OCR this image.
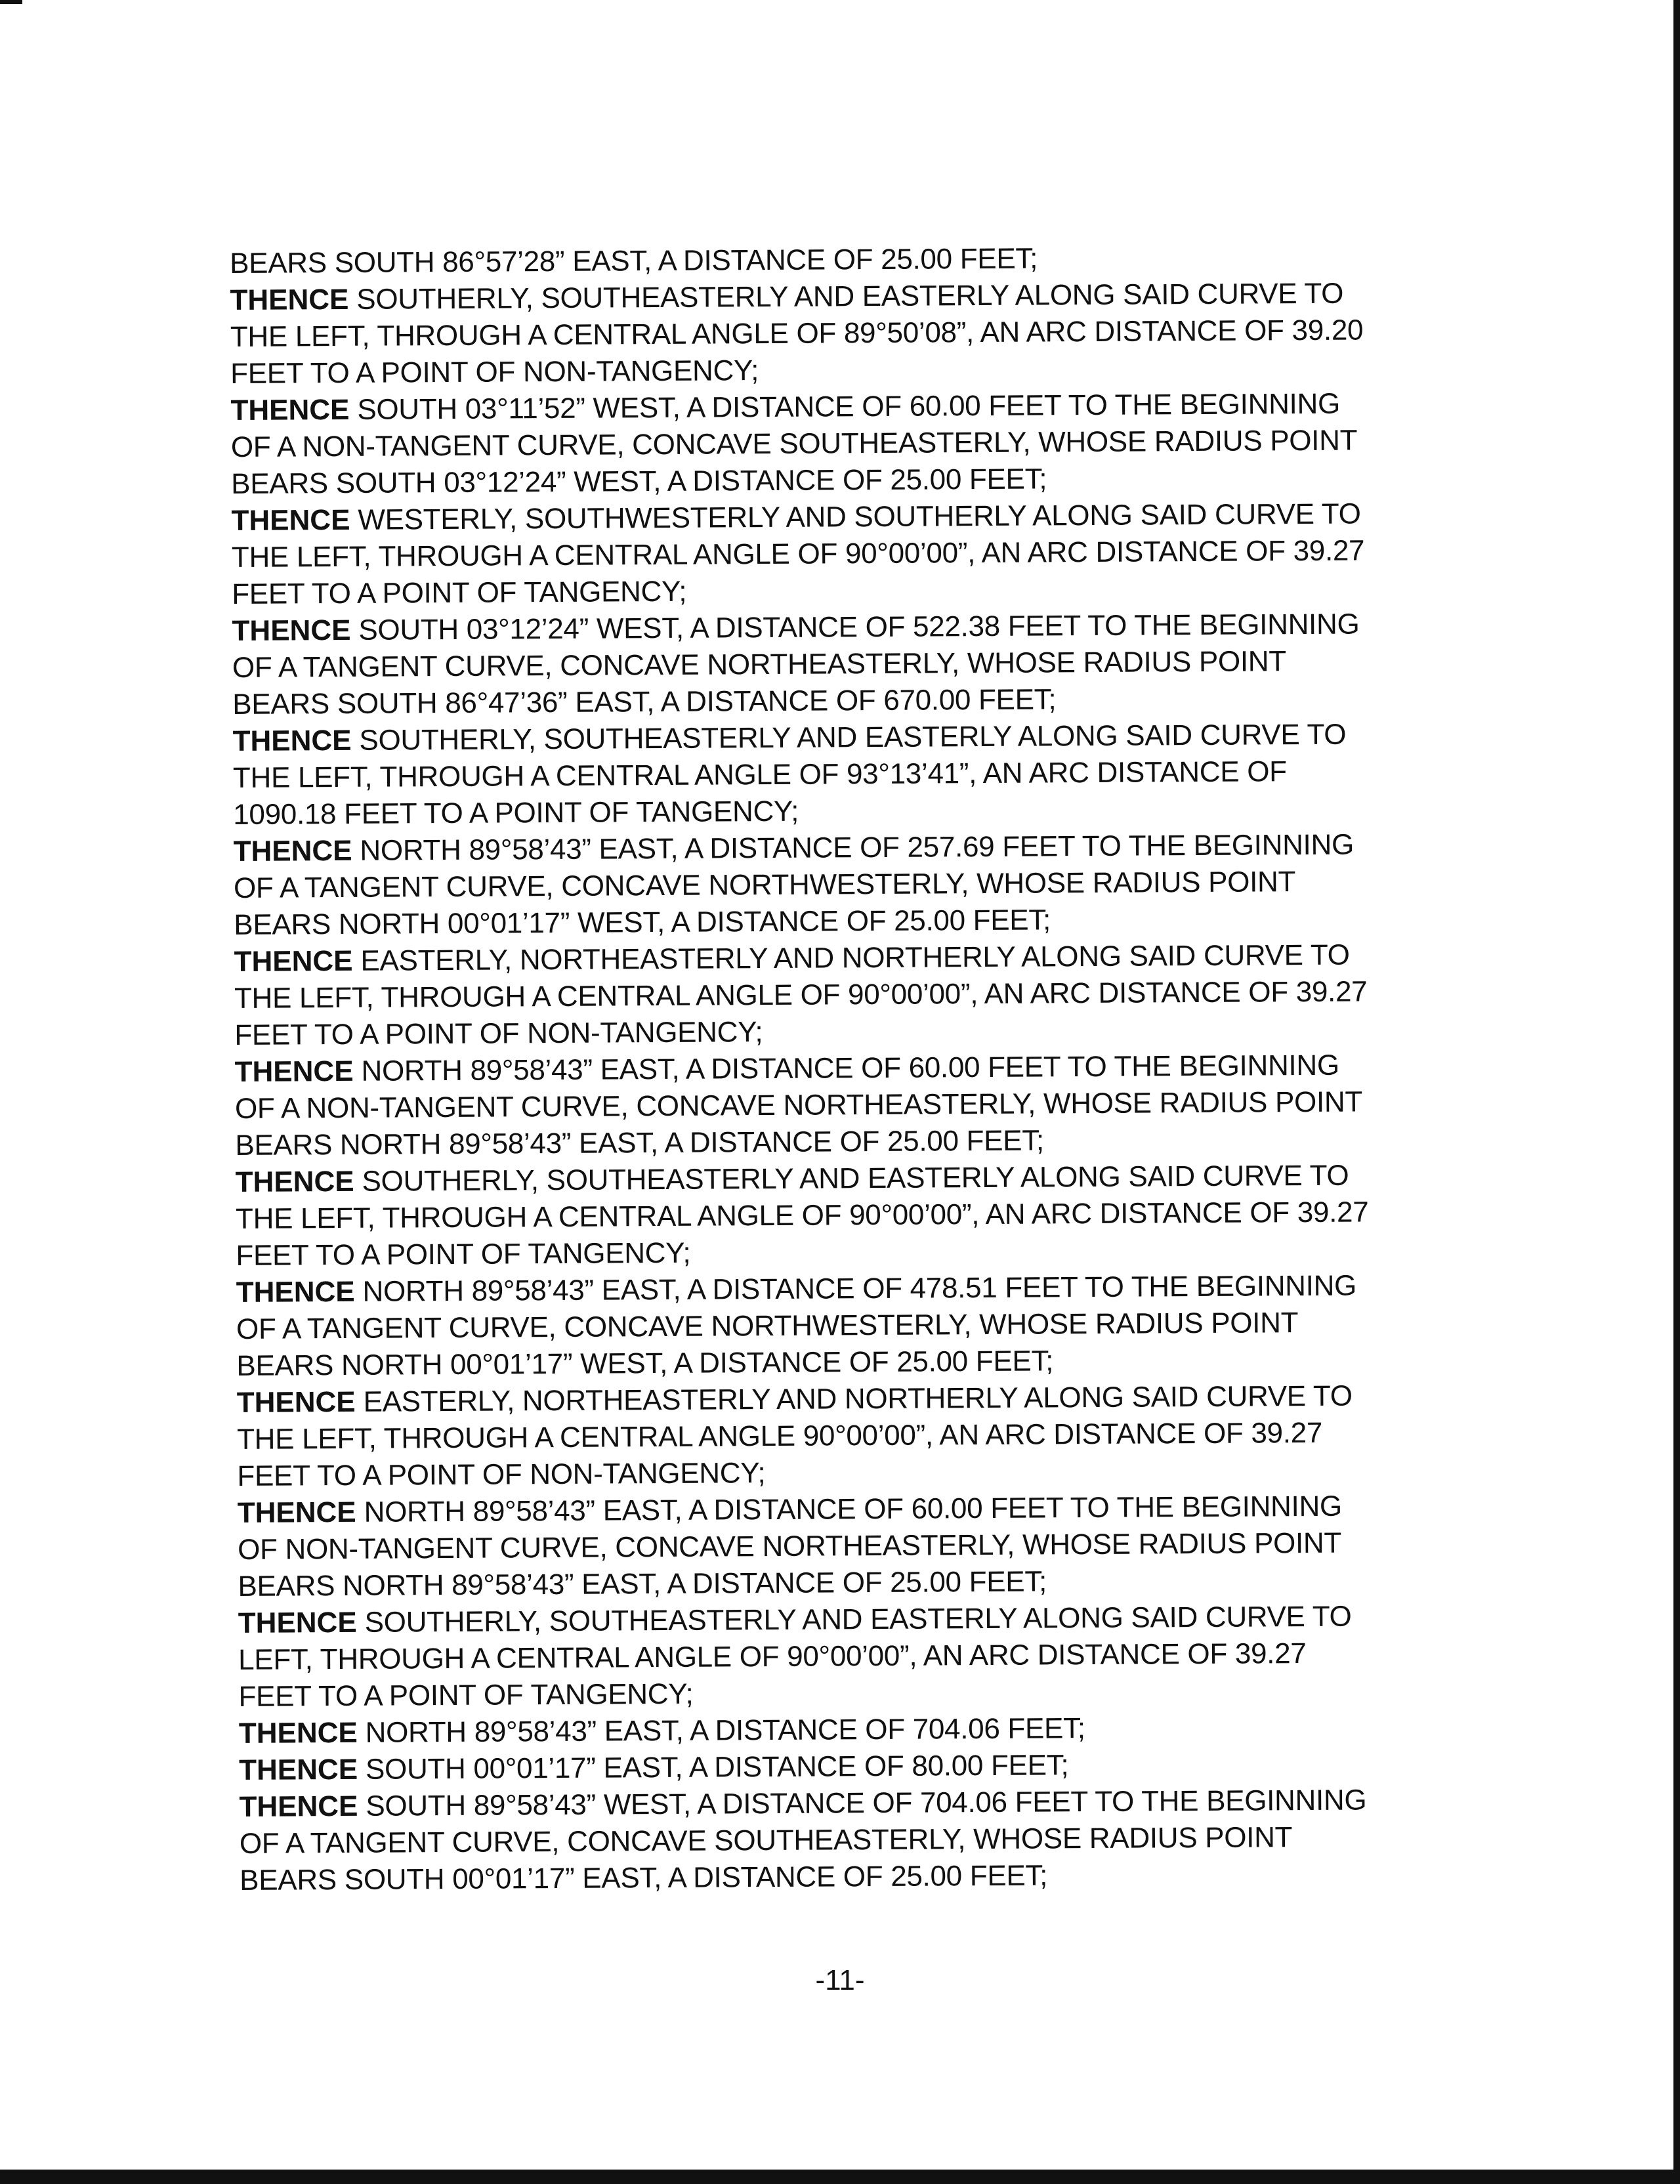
BEARS SOUTH 86°57’28” EAST, A DISTANCE OF 25.00 FEET;
THENCE SOUTHERLY, SOUTHEASTERLY AND EASTERLY ALONG SAID CURVE TO
THE LEFT, THROUGH A CENTRAL ANGLE OF 89°50’08”, AN ARC DISTANCE OF 39.20
FEET TO A POINT OF NON-TANGENCY;
THENCE SOUTH 03°11’52” WEST, A DISTANCE OF 60.00 FEET TO THE BEGINNING
OF A NON-TANGENT CURVE, CONCAVE SOUTHEASTERLY, WHOSE RADIUS POINT
BEARS SOUTH 03°12’24” WEST, A DISTANCE OF 25.00 FEET;
THENCE WESTERLY, SOUTHWESTERLY AND SOUTHERLY ALONG SAID CURVE TO
THE LEFT, THROUGH A CENTRAL ANGLE OF 90°00’00”, AN ARC DISTANCE OF 39.27
FEET TO A POINT OF TANGENCY;
THENCE SOUTH 03°12’24” WEST, A DISTANCE OF 522.38 FEET TO THE BEGINNING
OF A TANGENT CURVE, CONCAVE NORTHEASTERLY, WHOSE RADIUS POINT
BEARS SOUTH 86°47’36” EAST, A DISTANCE OF 670.00 FEET;
THENCE SOUTHERLY, SOUTHEASTERLY AND EASTERLY ALONG SAID CURVE TO
THE LEFT, THROUGH A CENTRAL ANGLE OF 93°13’41”, AN ARC DISTANCE OF
1090.18 FEET TO A POINT OF TANGENCY;
THENCE NORTH 89°58’43” EAST, A DISTANCE OF 257.69 FEET TO THE BEGINNING
OF A TANGENT CURVE, CONCAVE NORTHWESTERLY, WHOSE RADIUS POINT
BEARS NORTH 00°01’17” WEST, A DISTANCE OF 25.00 FEET;
THENCE EASTERLY, NORTHEASTERLY AND NORTHERLY ALONG SAID CURVE TO
THE LEFT, THROUGH A CENTRAL ANGLE OF 90°00’00”, AN ARC DISTANCE OF 39.27
FEET TO A POINT OF NON-TANGENCY;
THENCE NORTH 89°58’43” EAST, A DISTANCE OF 60.00 FEET TO THE BEGINNING
OF A NON-TANGENT CURVE, CONCAVE NORTHEASTERLY, WHOSE RADIUS POINT
BEARS NORTH 89°58’43” EAST, A DISTANCE OF 25.00 FEET;
THENCE SOUTHERLY, SOUTHEASTERLY AND EASTERLY ALONG SAID CURVE TO
THE LEFT, THROUGH A CENTRAL ANGLE OF 90°00’00”, AN ARC DISTANCE OF 39.27
FEET TO A POINT OF TANGENCY;
THENCE NORTH 89°58’43” EAST, A DISTANCE OF 478.51 FEET TO THE BEGINNING
OF A TANGENT CURVE, CONCAVE NORTHWESTERLY, WHOSE RADIUS POINT
BEARS NORTH 00°01’17” WEST, A DISTANCE OF 25.00 FEET;
THENCE EASTERLY, NORTHEASTERLY AND NORTHERLY ALONG SAID CURVE TO
THE LEFT, THROUGH A CENTRAL ANGLE 90°00’00”, AN ARC DISTANCE OF 39.27
FEET TO A POINT OF NON-TANGENCY;
THENCE NORTH 89°58’43” EAST, A DISTANCE OF 60.00 FEET TO THE BEGINNING
OF NON-TANGENT CURVE, CONCAVE NORTHEASTERLY, WHOSE RADIUS POINT
BEARS NORTH 89°58’43” EAST, A DISTANCE OF 25.00 FEET;
THENCE SOUTHERLY, SOUTHEASTERLY AND EASTERLY ALONG SAID CURVE TO
LEFT, THROUGH A CENTRAL ANGLE OF 90°00’00”, AN ARC DISTANCE OF 39.27
FEET TO A POINT OF TANGENCY;
THENCE NORTH 89°58’43” EAST, A DISTANCE OF 704.06 FEET;
THENCE SOUTH 00°01’17” EAST, A DISTANCE OF 80.00 FEET;
THENCE SOUTH 89°58’43” WEST, A DISTANCE OF 704.06 FEET TO THE BEGINNING
OF A TANGENT CURVE, CONCAVE SOUTHEASTERLY, WHOSE RADIUS POINT
BEARS SOUTH 00°01’17” EAST, A DISTANCE OF 25.00 FEET;
-11-
